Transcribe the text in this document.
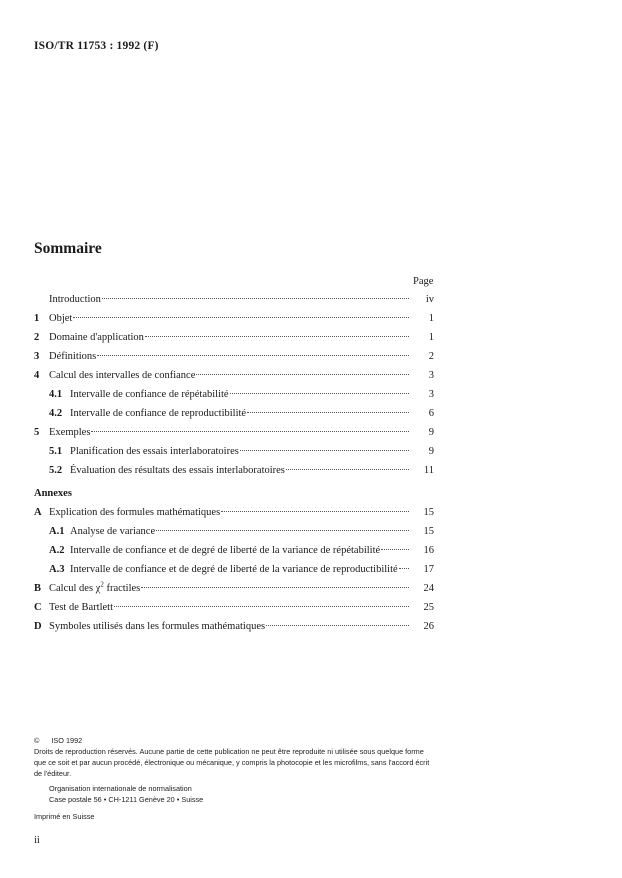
ISO/TR 11753 : 1992 (F)
Sommaire
Page
Introduction	iv
1 Objet	1
2 Domaine d'application	1
3 Définitions	2
4 Calcul des intervalles de confiance	3
4.1 Intervalle de confiance de répétabilité	3
4.2 Intervalle de confiance de reproductibilité	6
5 Exemples	9
5.1 Planification des essais interlaboratoires	9
5.2 Évaluation des résultats des essais interlaboratoires	11
Annexes
A Explication des formules mathématiques	15
A.1 Analyse de variance	15
A.2 Intervalle de confiance et de degré de liberté de la variance de répétabilité	16
A.3 Intervalle de confiance et de degré de liberté de la variance de reproductibilité	17
B Calcul des $\chi^2$ fractiles	24
C Test de Bartlett	25
D Symboles utilisés dans les formules mathématiques	26
© ISO 1992
Droits de reproduction réservés. Aucune partie de cette publication ne peut être reproduite ni utilisée sous quelque forme que ce soit et par aucun procédé, électronique ou mécanique, y compris la photocopie et les microfilms, sans l'accord écrit de l'éditeur.
Organisation internationale de normalisation
Case postale 56 • CH-1211 Genève 20 • Suisse
Imprimé en Suisse
ii
